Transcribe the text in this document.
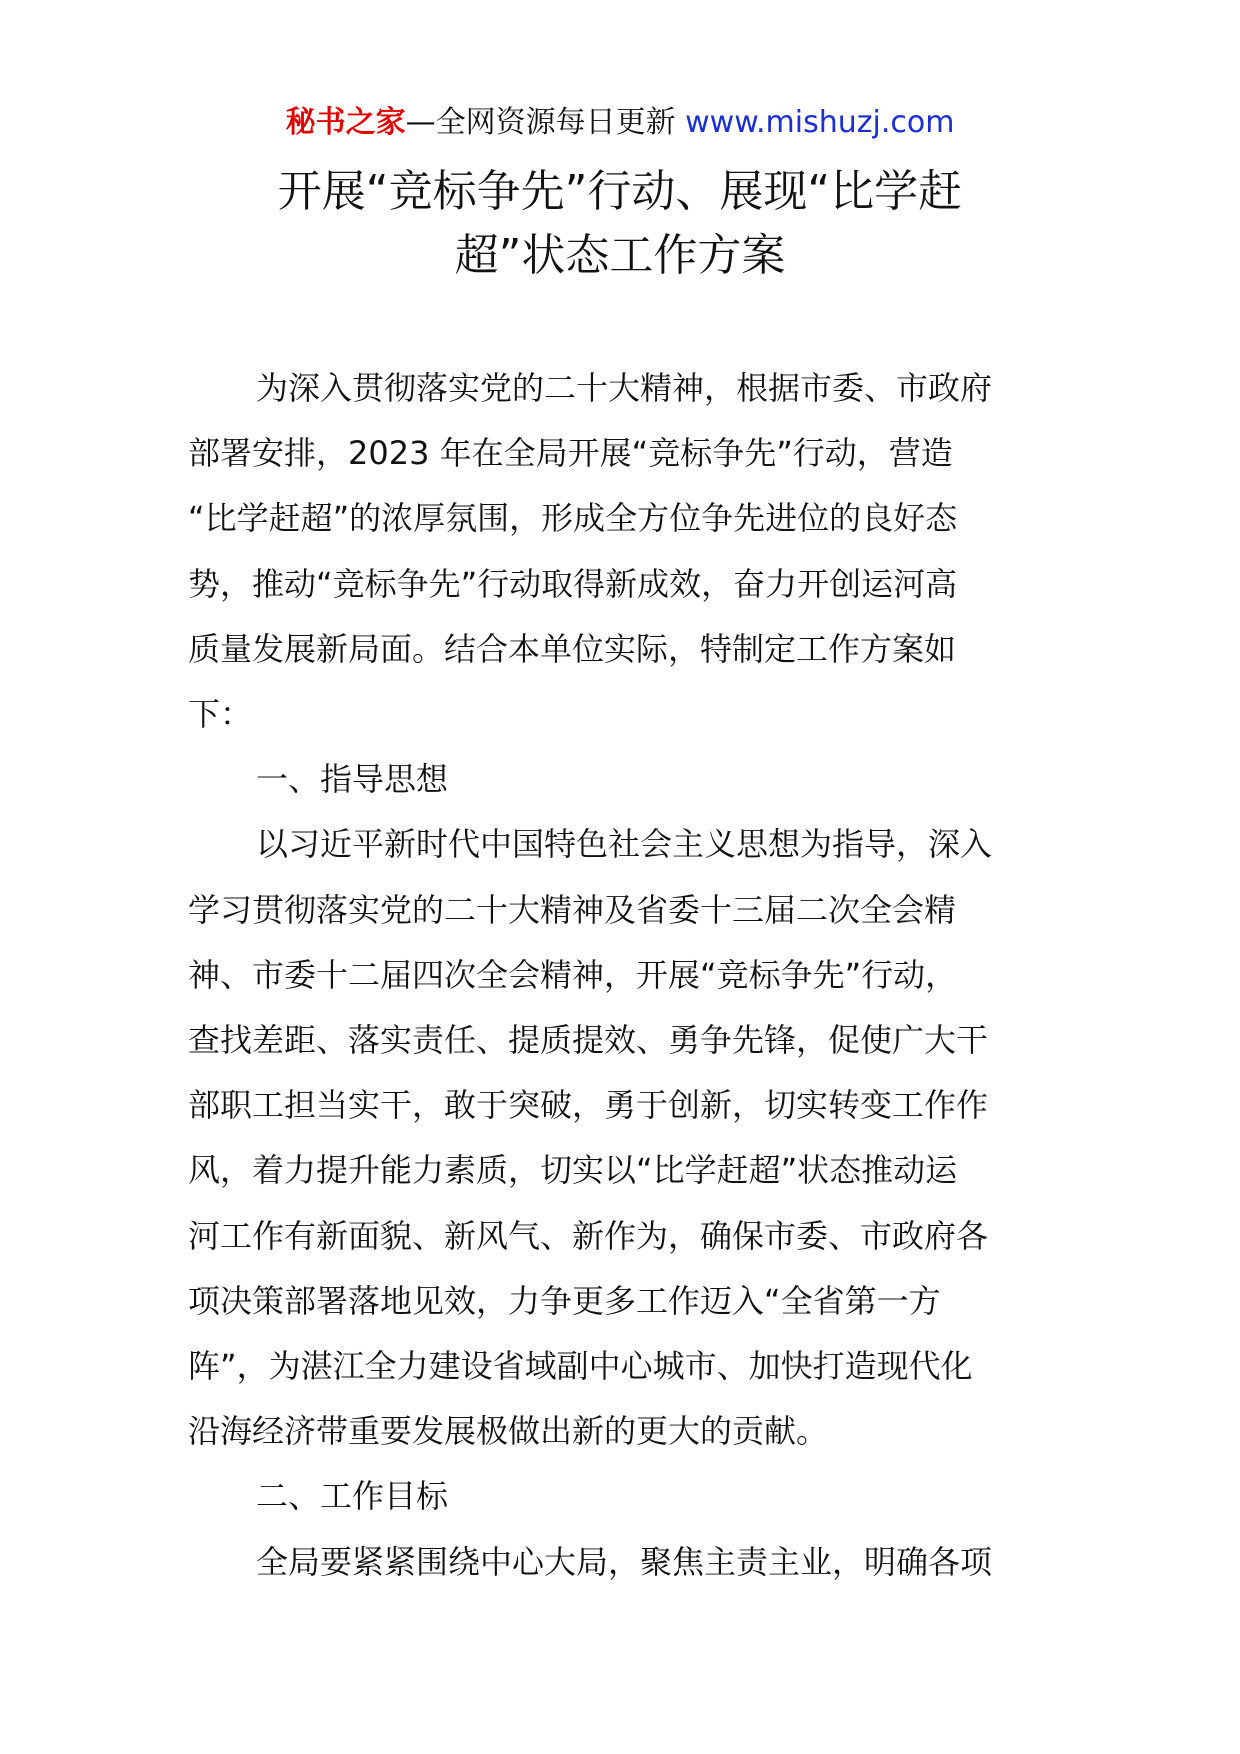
秘书之家—全网资源每日更新 www.mishuzj.com
开展“竞标争先”行动、展现“比学赶
超”状态工作方案

为深入贯彻落实党的二十大精神，根据市委、市政府
部署安排，2023 年在全局开展“竞标争先”行动，营造
“比学赶超”的浓厚氛围，形成全方位争先进位的良好态
势，推动“竞标争先”行动取得新成效，奋力开创运河高
质量发展新局面。结合本单位实际，特制定工作方案如
下：

一、指导思想

以习近平新时代中国特色社会主义思想为指导，深入
学习贯彻落实党的二十大精神及省委十三届二次全会精
神、市委十二届四次全会精神，开展“竞标争先”行动，
查找差距、落实责任、提质提效、勇争先锋，促使广大干
部职工担当实干，敢于突破，勇于创新，切实转变工作作
风，着力提升能力素质，切实以“比学赶超”状态推动运
河工作有新面貌、新风气、新作为，确保市委、市政府各
项决策部署落地见效，力争更多工作迈入“全省第一方
阵”，为湛江全力建设省域副中心城市、加快打造现代化
沿海经济带重要发展极做出新的更大的贡献。

二、工作目标

全局要紧紧围绕中心大局，聚焦主责主业，明确各项
